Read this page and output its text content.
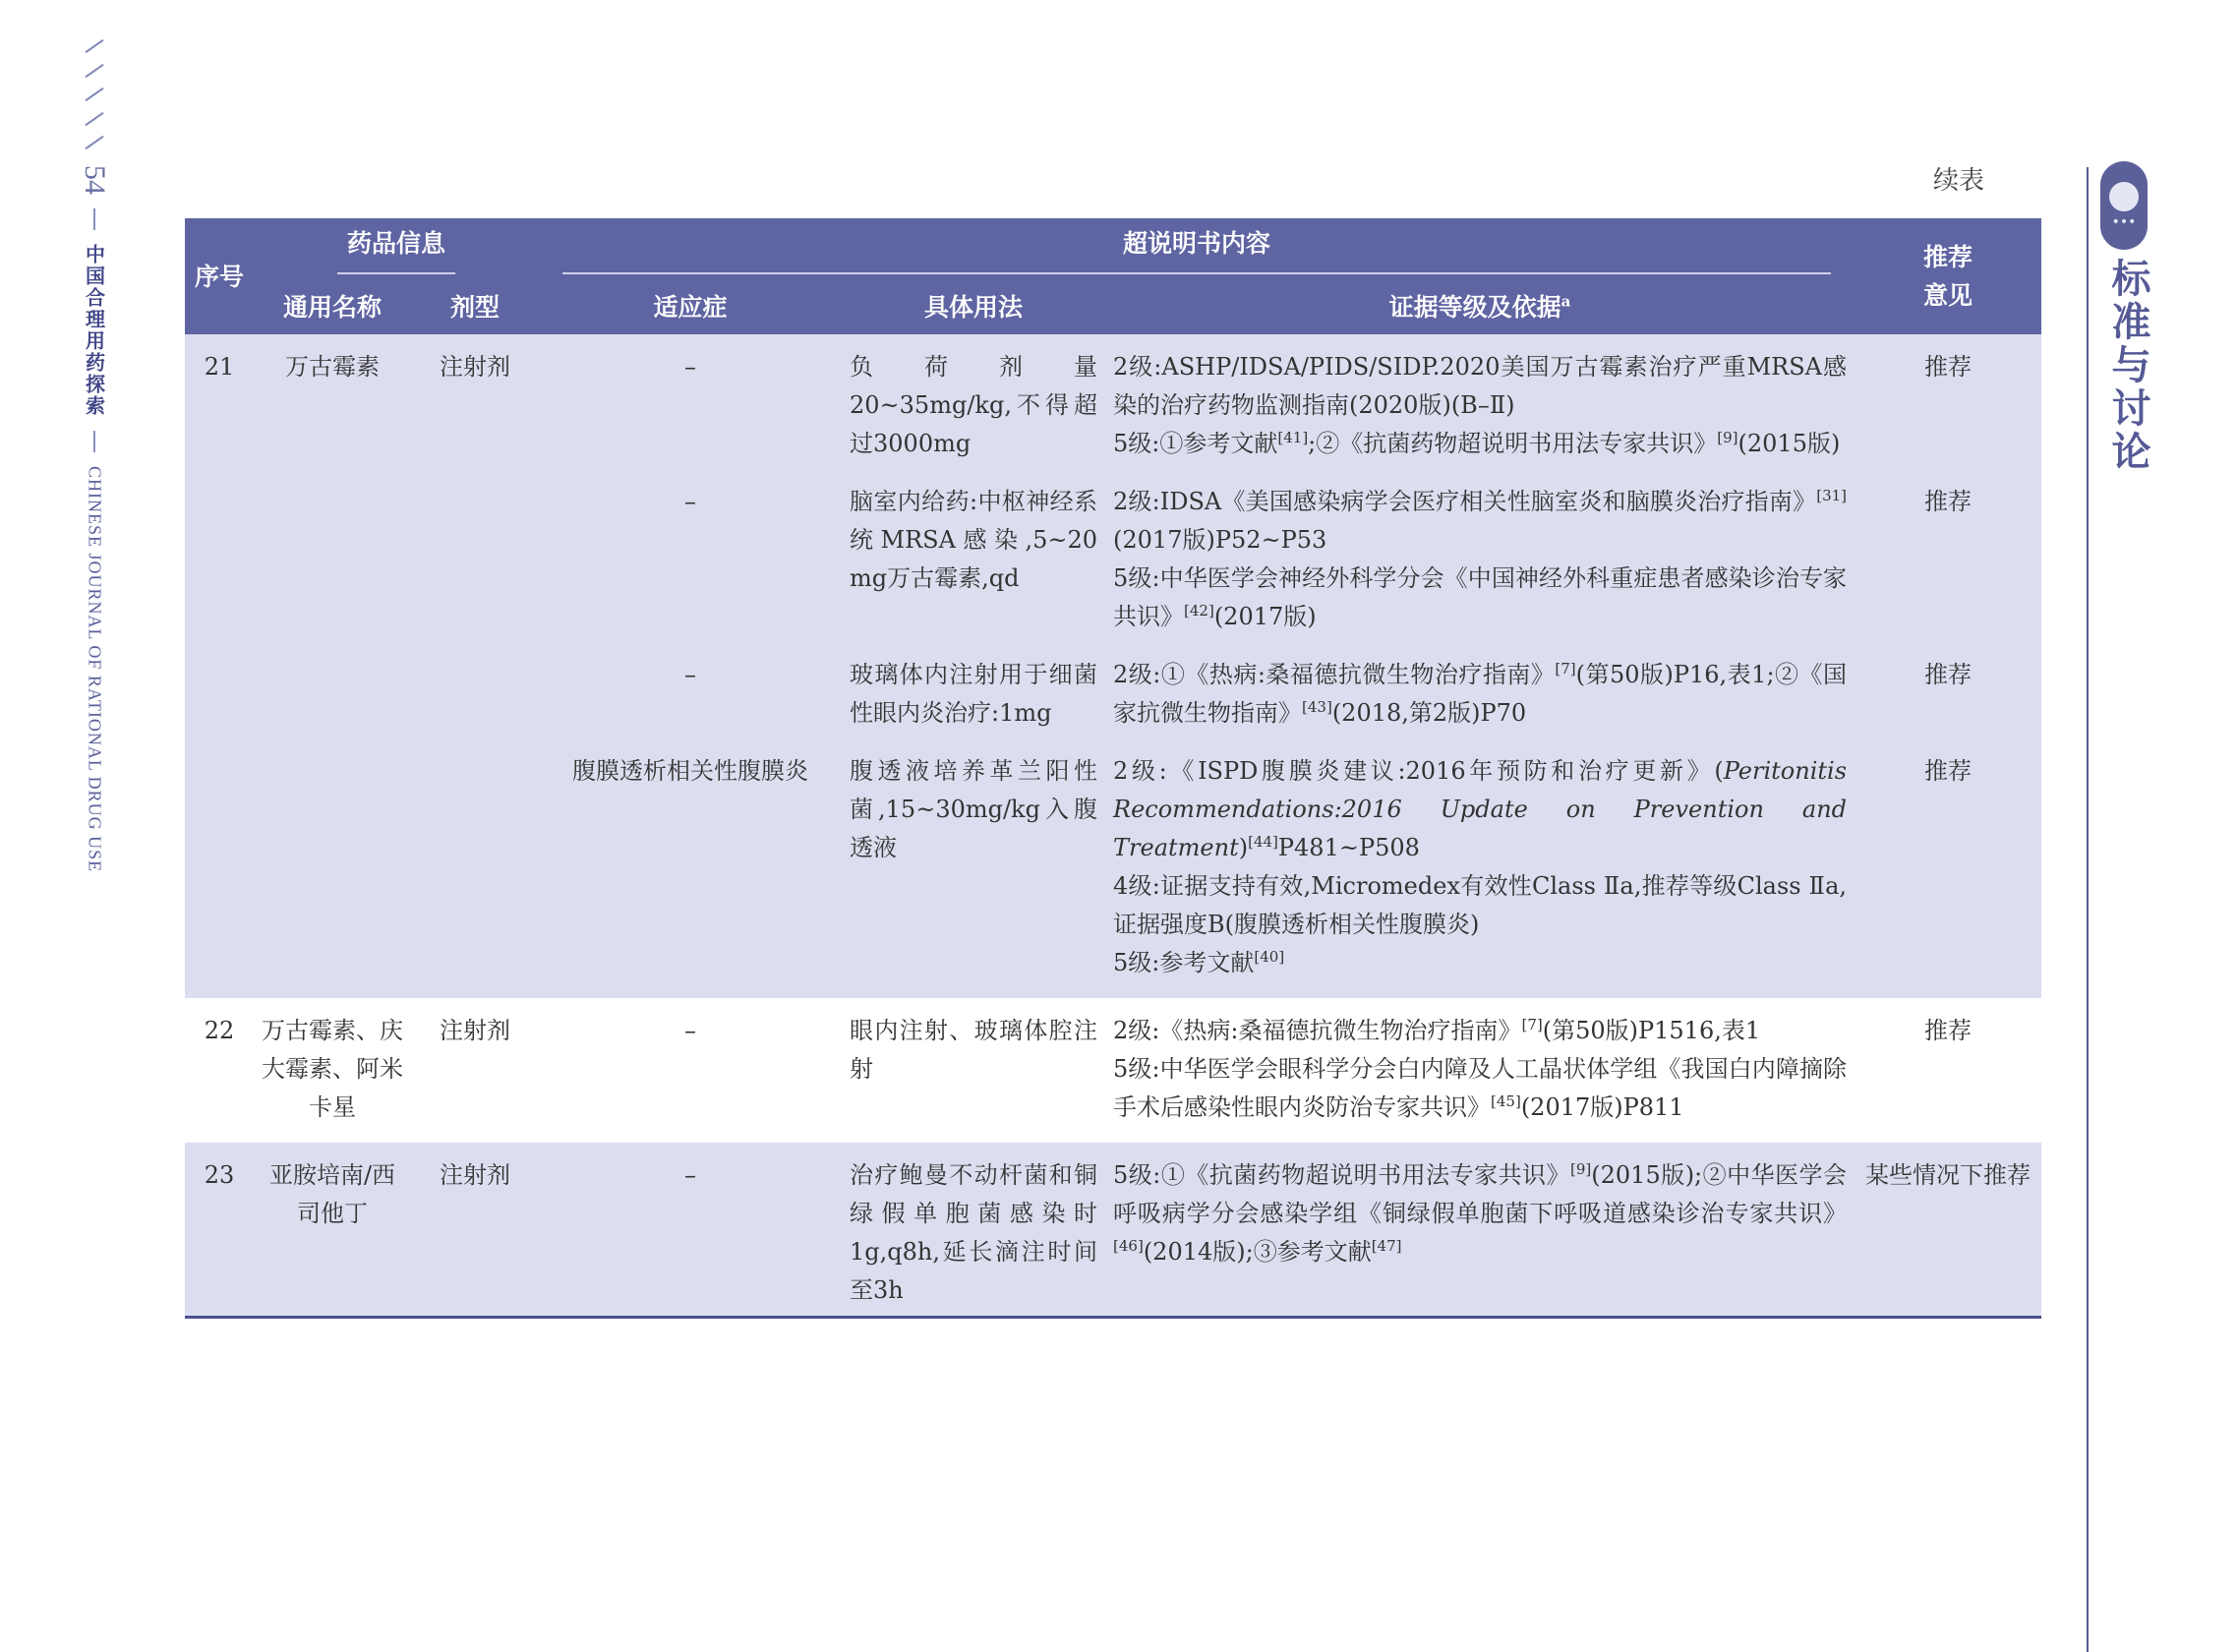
54
中国合理用药探索
CHINESE JOURNAL OF RATIONAL DRUG USE
•••
标准与讨论
续表
序号	药品信息		超说明书内容			推荐
意见
	通用名称	剂型	适应症	具体用法	证据等级及依据$^a$
21	万古霉素	注射剂	–	负荷剂量20~35mg/kg,不得超过3000mg	2级:ASHP/IDSA/PIDS/SIDP.2020美国万古霉素治疗严重MRSA感染的治疗药物监测指南(2020版)(B–Ⅱ)
5级:①参考文献[41];②《抗菌药物超说明书用法专家共识》[9](2015版)	推荐
			–	脑室内给药:中枢神经系统MRSA感染,5~20 mg万古霉素,qd	2级:IDSA《美国感染病学会医疗相关性脑室炎和脑膜炎治疗指南》[31](2017版)P52~P53
5级:中华医学会神经外科学分会《中国神经外科重症患者感染诊治专家共识》[42](2017版)	推荐
			–	玻璃体内注射用于细菌性眼内炎治疗:1mg	2级:①《热病:桑福德抗微生物治疗指南》[7](第50版)P16,表1;②《国家抗微生物指南》[43](2018,第2版)P70	推荐
			腹膜透析相关性腹膜炎	腹透液培养革兰阳性菌,15~30mg/kg入腹透液	2级:《ISPD腹膜炎建议:2016年预防和治疗更新》(Peritonitis Recommendations:2016 Update on Prevention and Treatment)[44]P481~P508
4级:证据支持有效,Micromedex有效性Class Ⅱa,推荐等级Class Ⅱa,证据强度B(腹膜透析相关性腹膜炎)
5级:参考文献[40]	推荐
22	万古霉素、庆大霉素、阿米卡星	注射剂	–	眼内注射、玻璃体腔注射	2级:《热病:桑福德抗微生物治疗指南》[7](第50版)P1516,表1
5级:中华医学会眼科学分会白内障及人工晶状体学组《我国白内障摘除手术后感染性眼内炎防治专家共识》[45](2017版)P811	推荐
23	亚胺培南/西司他丁	注射剂	–	治疗鲍曼不动杆菌和铜绿假单胞菌感染时1g,q8h,延长滴注时间至3h	5级:①《抗菌药物超说明书用法专家共识》[9](2015版);②中华医学会呼吸病学分会感染学组《铜绿假单胞菌下呼吸道感染诊治专家共识》[46](2014版);③参考文献[47]	某些情况下推荐
